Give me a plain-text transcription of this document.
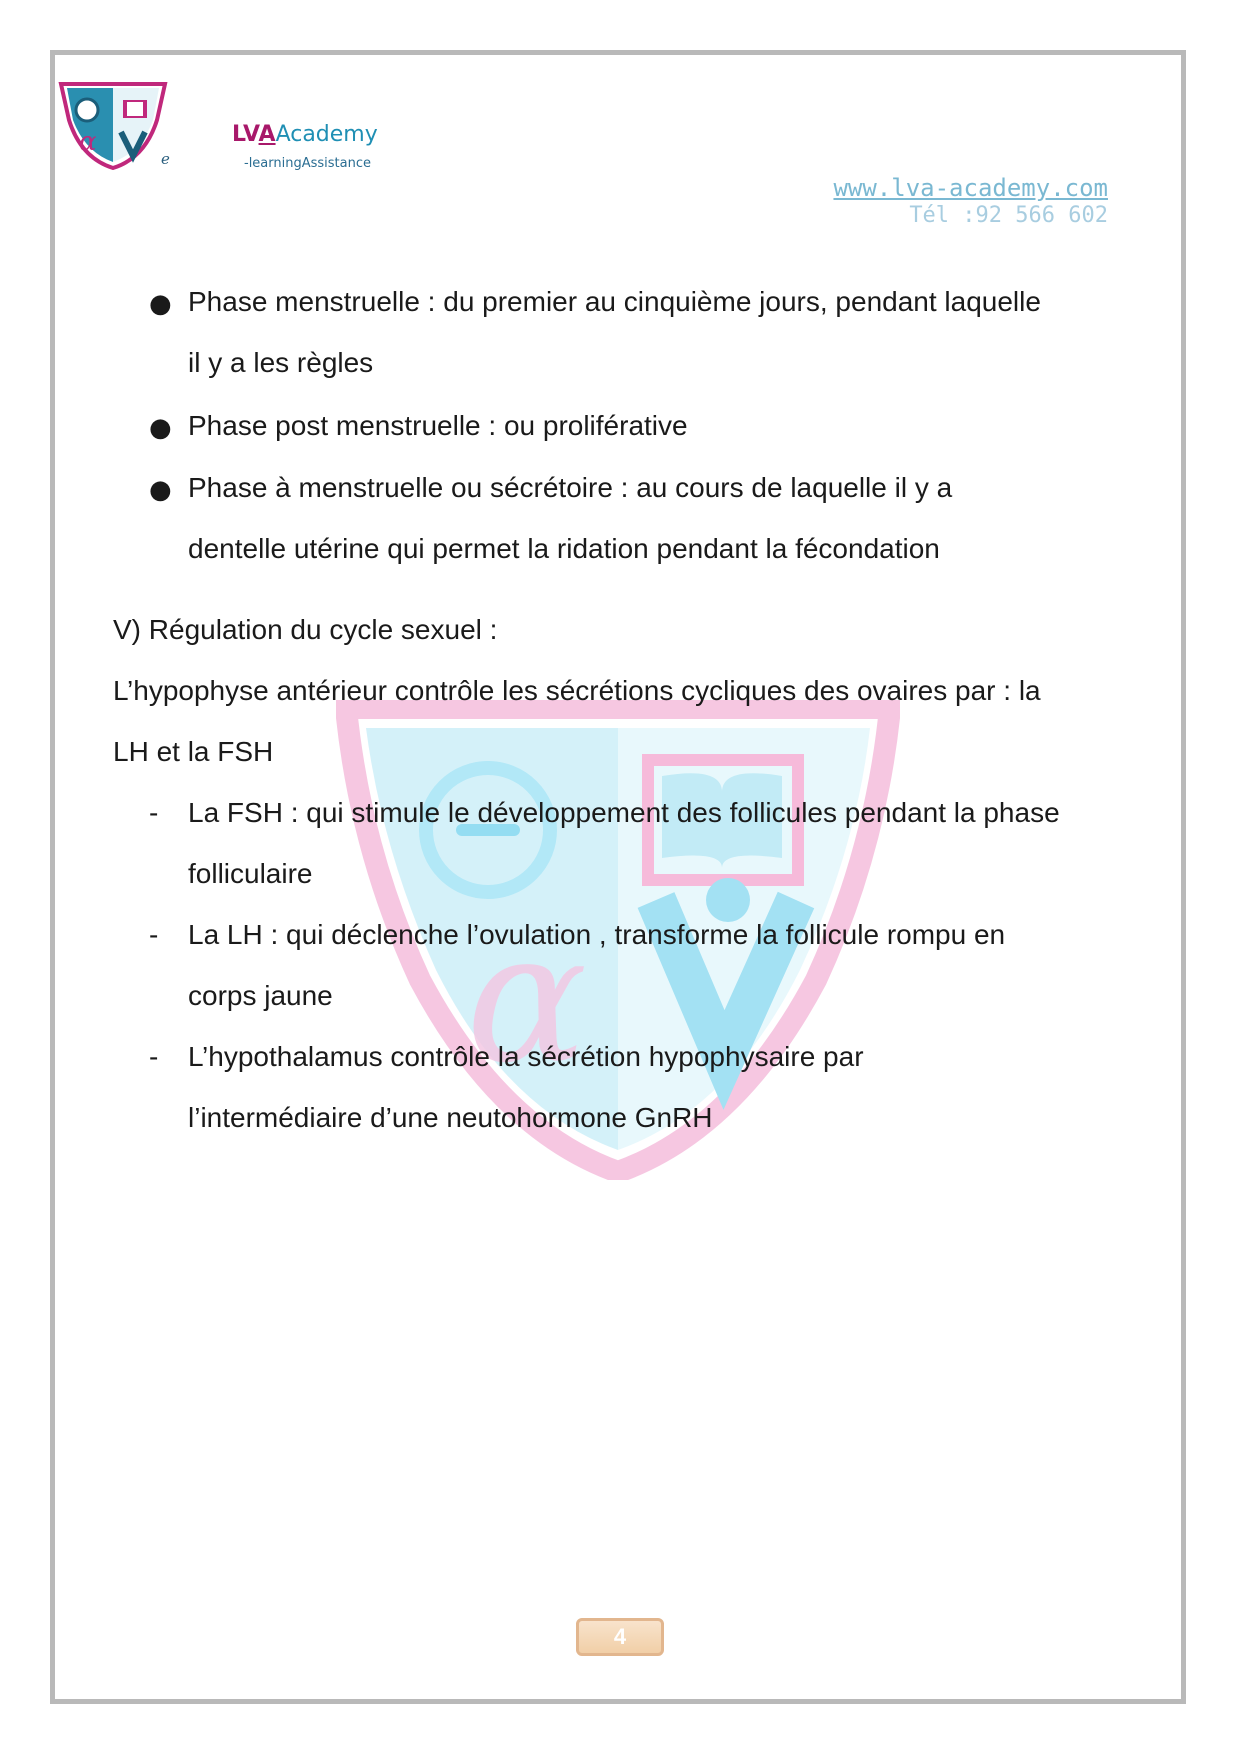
α
e
LVAAcademy
-learningAssistance
www.lva-academy.com
Tél :92 566 602
α
● Phase menstruelle : du premier au cinquième jours, pendant laquelle
il y a les règles
● Phase post menstruelle : ou proliférative
● Phase à menstruelle ou sécrétoire : au cours de laquelle il y a
dentelle utérine qui permet la ridation pendant la fécondation
V) Régulation du cycle sexuel :
L’hypophyse antérieur contrôle les sécrétions cycliques des ovaires par : la
LH et la FSH
- La FSH : qui stimule le développement des follicules pendant la phase
folliculaire
- La LH : qui déclenche l’ovulation , transforme la follicule rompu en
corps jaune
- L’hypothalamus contrôle la sécrétion hypophysaire par
l’intermédiaire d’une neutohormone GnRH
4
